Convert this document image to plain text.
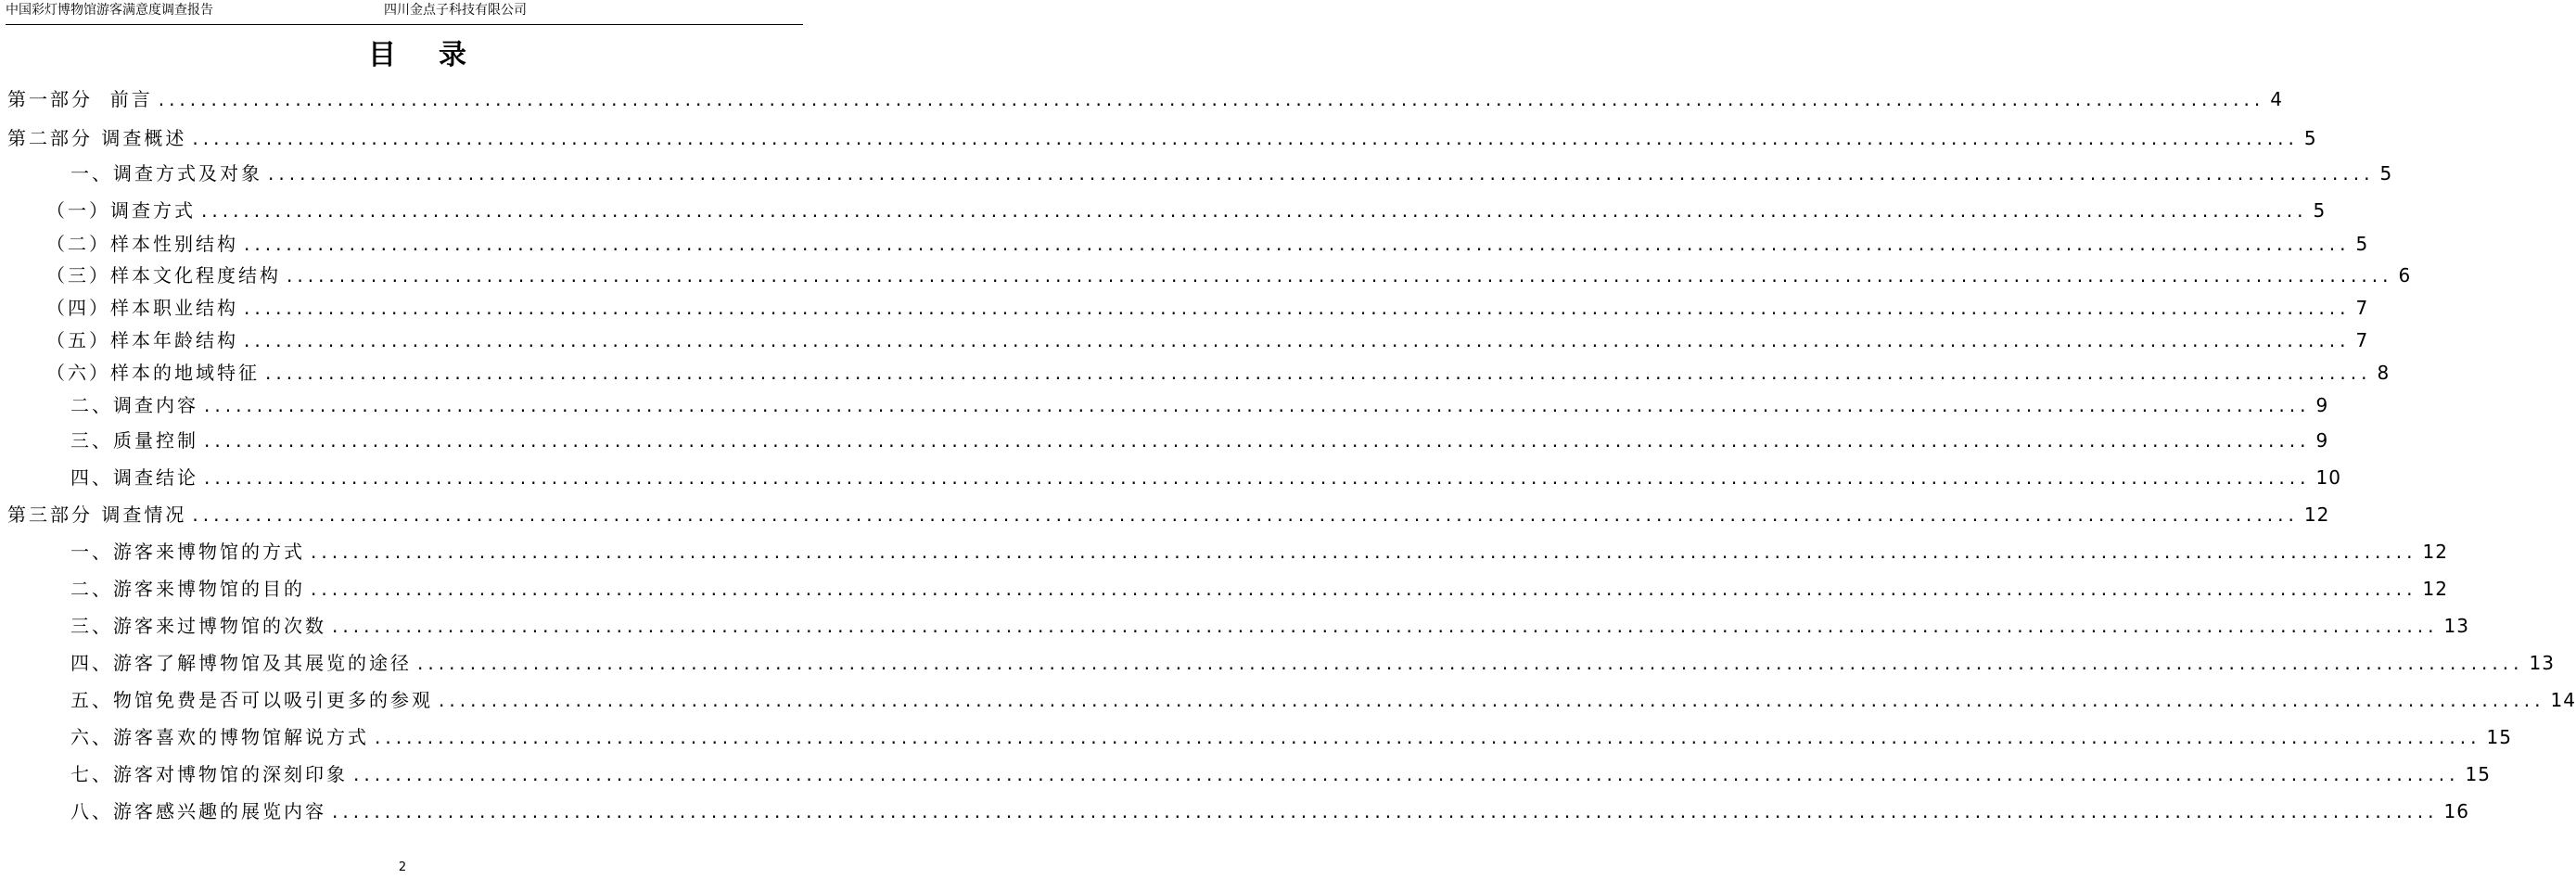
中国彩灯博物馆游客满意度调查报告	四川金点子科技有限公司
目录
第一部分  前言 ........................................................................................................................................................................................................ 4
第二部分 调查概述 ........................................................................................................................................................................................................ 5
一、调查方式及对象 ........................................................................................................................................................................................................ 5
（一）调查方式 ........................................................................................................................................................................................................ 5
（二）样本性别结构 ........................................................................................................................................................................................................ 5
（三）样本文化程度结构 ........................................................................................................................................................................................................ 6
（四）样本职业结构 ........................................................................................................................................................................................................ 7
（五）样本年龄结构 ........................................................................................................................................................................................................ 7
（六）样本的地域特征 ........................................................................................................................................................................................................ 8
二、调查内容 ........................................................................................................................................................................................................ 9
三、质量控制 ........................................................................................................................................................................................................ 9
四、调查结论 ........................................................................................................................................................................................................ 10
第三部分 调查情况 ........................................................................................................................................................................................................ 12
一、游客来博物馆的方式 ........................................................................................................................................................................................................ 12
二、游客来博物馆的目的 ........................................................................................................................................................................................................ 12
三、游客来过博物馆的次数 ........................................................................................................................................................................................................ 13
四、游客了解博物馆及其展览的途径 ........................................................................................................................................................................................................ 13
五、物馆免费是否可以吸引更多的参观 ........................................................................................................................................................................................................ 14
六、游客喜欢的博物馆解说方式 ........................................................................................................................................................................................................ 15
七、游客对博物馆的深刻印象 ........................................................................................................................................................................................................ 15
八、游客感兴趣的展览内容 ........................................................................................................................................................................................................ 16
2
